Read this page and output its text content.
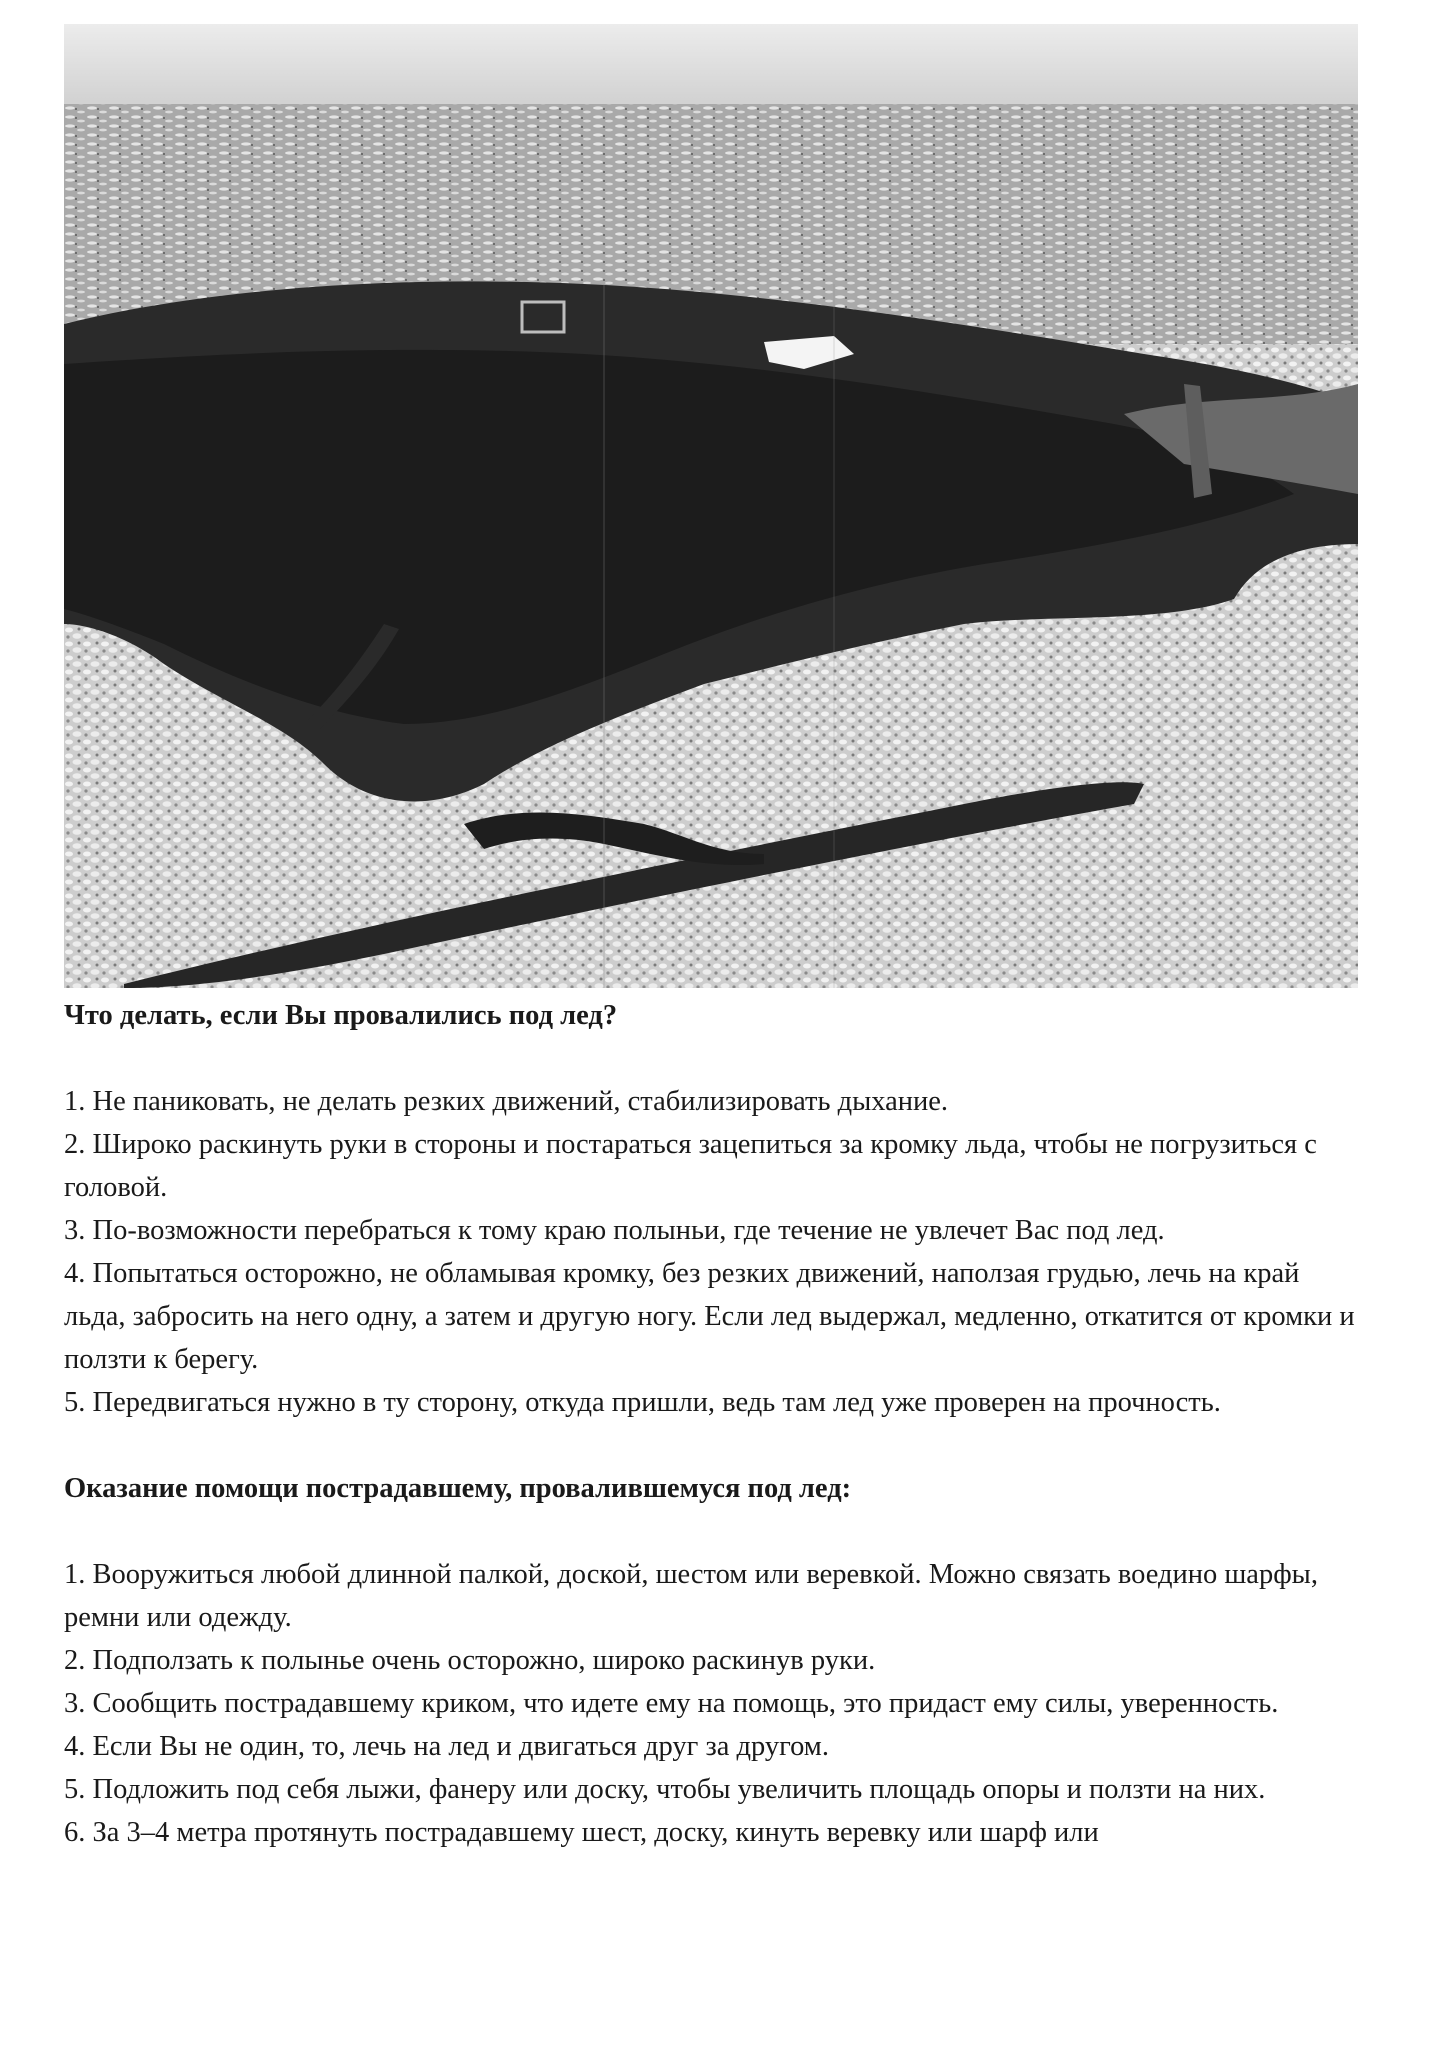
Что делать, если Вы провалились под лед?

1. Не паниковать, не делать резких движений, стабилизировать дыхание.

2. Широко раскинуть руки в стороны и постараться зацепиться за кромку льда, чтобы не погрузиться с головой.

3. По-возможности перебраться к тому краю полыньи, где течение не увлечет Вас под лед.

4. Попытаться осторожно, не обламывая кромку, без резких движений, наползая грудью, лечь на край льда, забросить на него одну, а затем и другую ногу. Если лед выдержал, медленно, откатится от кромки и ползти к берегу.

5. Передвигаться нужно в ту сторону, откуда пришли, ведь там лед уже проверен на прочность.

Оказание помощи пострадавшему, провалившемуся под лед:

1. Вооружиться любой длинной палкой, доской, шестом или веревкой. Можно связать воедино шарфы, ремни или одежду.

2. Подползать к полынье очень осторожно, широко раскинув руки.

3. Сообщить пострадавшему криком, что идете ему на помощь, это придаст ему силы, уверенность.

4. Если Вы не один, то, лечь на лед и двигаться друг за другом.

5. Подложить под себя лыжи, фанеру или доску, чтобы увеличить площадь опоры и ползти на них.

6. За 3–4 метра протянуть пострадавшему шест, доску, кинуть веревку или шарф или
